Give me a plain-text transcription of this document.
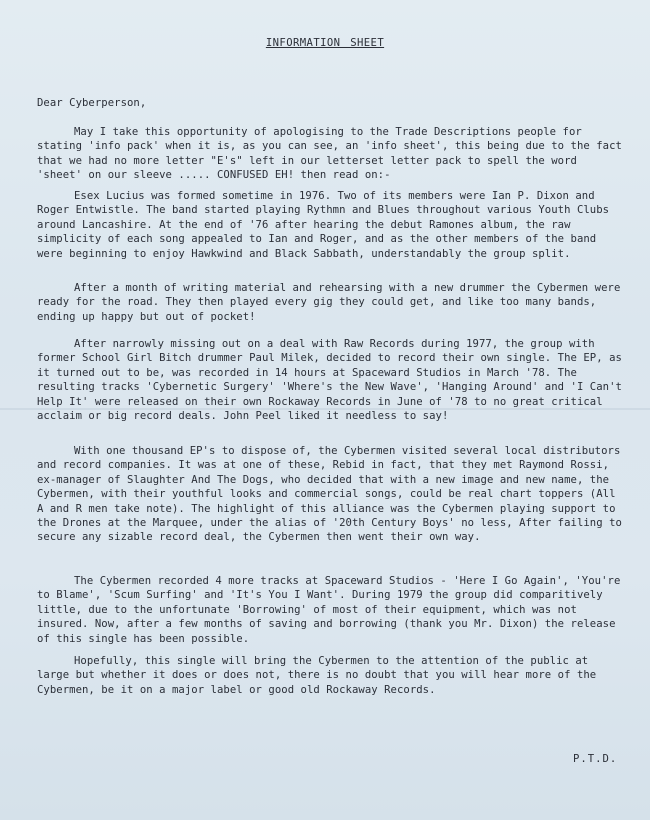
INFORMATION SHEET
Dear Cyberperson,

May I take this opportunity of apologising to the Trade Descriptions people for stating 'info pack' when it is, as you can see, an 'info sheet', this being due to the fact that we had no more letter "E's" left in our letterset letter pack to spell the word 'sheet' on our sleeve ..... CONFUSED EH! then read on:-

Esex Lucius was formed sometime in 1976. Two of its members were Ian P. Dixon and Roger Entwistle. The band started playing Rythmn and Blues throughout various Youth Clubs around Lancashire. At the end of '76 after hearing the debut Ramones album, the raw simplicity of each song appealed to Ian and Roger, and as the other members of the band were beginning to enjoy Hawkwind and Black Sabbath, understandably the group split.

After a month of writing material and rehearsing with a new drummer the Cybermen were ready for the road. They then played every gig they could get, and like too many bands, ending up happy but out of pocket!

After narrowly missing out on a deal with Raw Records during 1977, the group with former School Girl Bitch drummer Paul Milek, decided to record their own single. The EP, as it turned out to be, was recorded in 14 hours at Spaceward Studios in March '78. The resulting tracks 'Cybernetic Surgery' 'Where's the New Wave', 'Hanging Around' and 'I Can't Help It' were released on their own Rockaway Records in June of '78 to no great critical acclaim or big record deals. John Peel liked it needless to say!

With one thousand EP's to dispose of, the Cybermen visited several local distributors and record companies. It was at one of these, Rebid in fact, that they met Raymond Rossi, ex-manager of Slaughter And The Dogs, who decided that with a new image and new name, the Cybermen, with their youthful looks and commercial songs, could be real chart toppers (All A and R men take note). The highlight of this alliance was the Cybermen playing support to the Drones at the Marquee, under the alias of '20th Century Boys' no less, After failing to secure any sizable record deal, the Cybermen then went their own way.

The Cybermen recorded 4 more tracks at Spaceward Studios - 'Here I Go Again', 'You're to Blame', 'Scum Surfing' and 'It's You I Want'. During 1979 the group did comparitively little, due to the unfortunate 'Borrowing' of most of their equipment, which was not insured. Now, after a few months of saving and borrowing (thank you Mr. Dixon) the release of this single has been possible.

Hopefully, this single will bring the Cybermen to the attention of the public at large but whether it does or does not, there is no doubt that you will hear more of the Cybermen, be it on a major label or good old Rockaway Records.

P.T.D.
